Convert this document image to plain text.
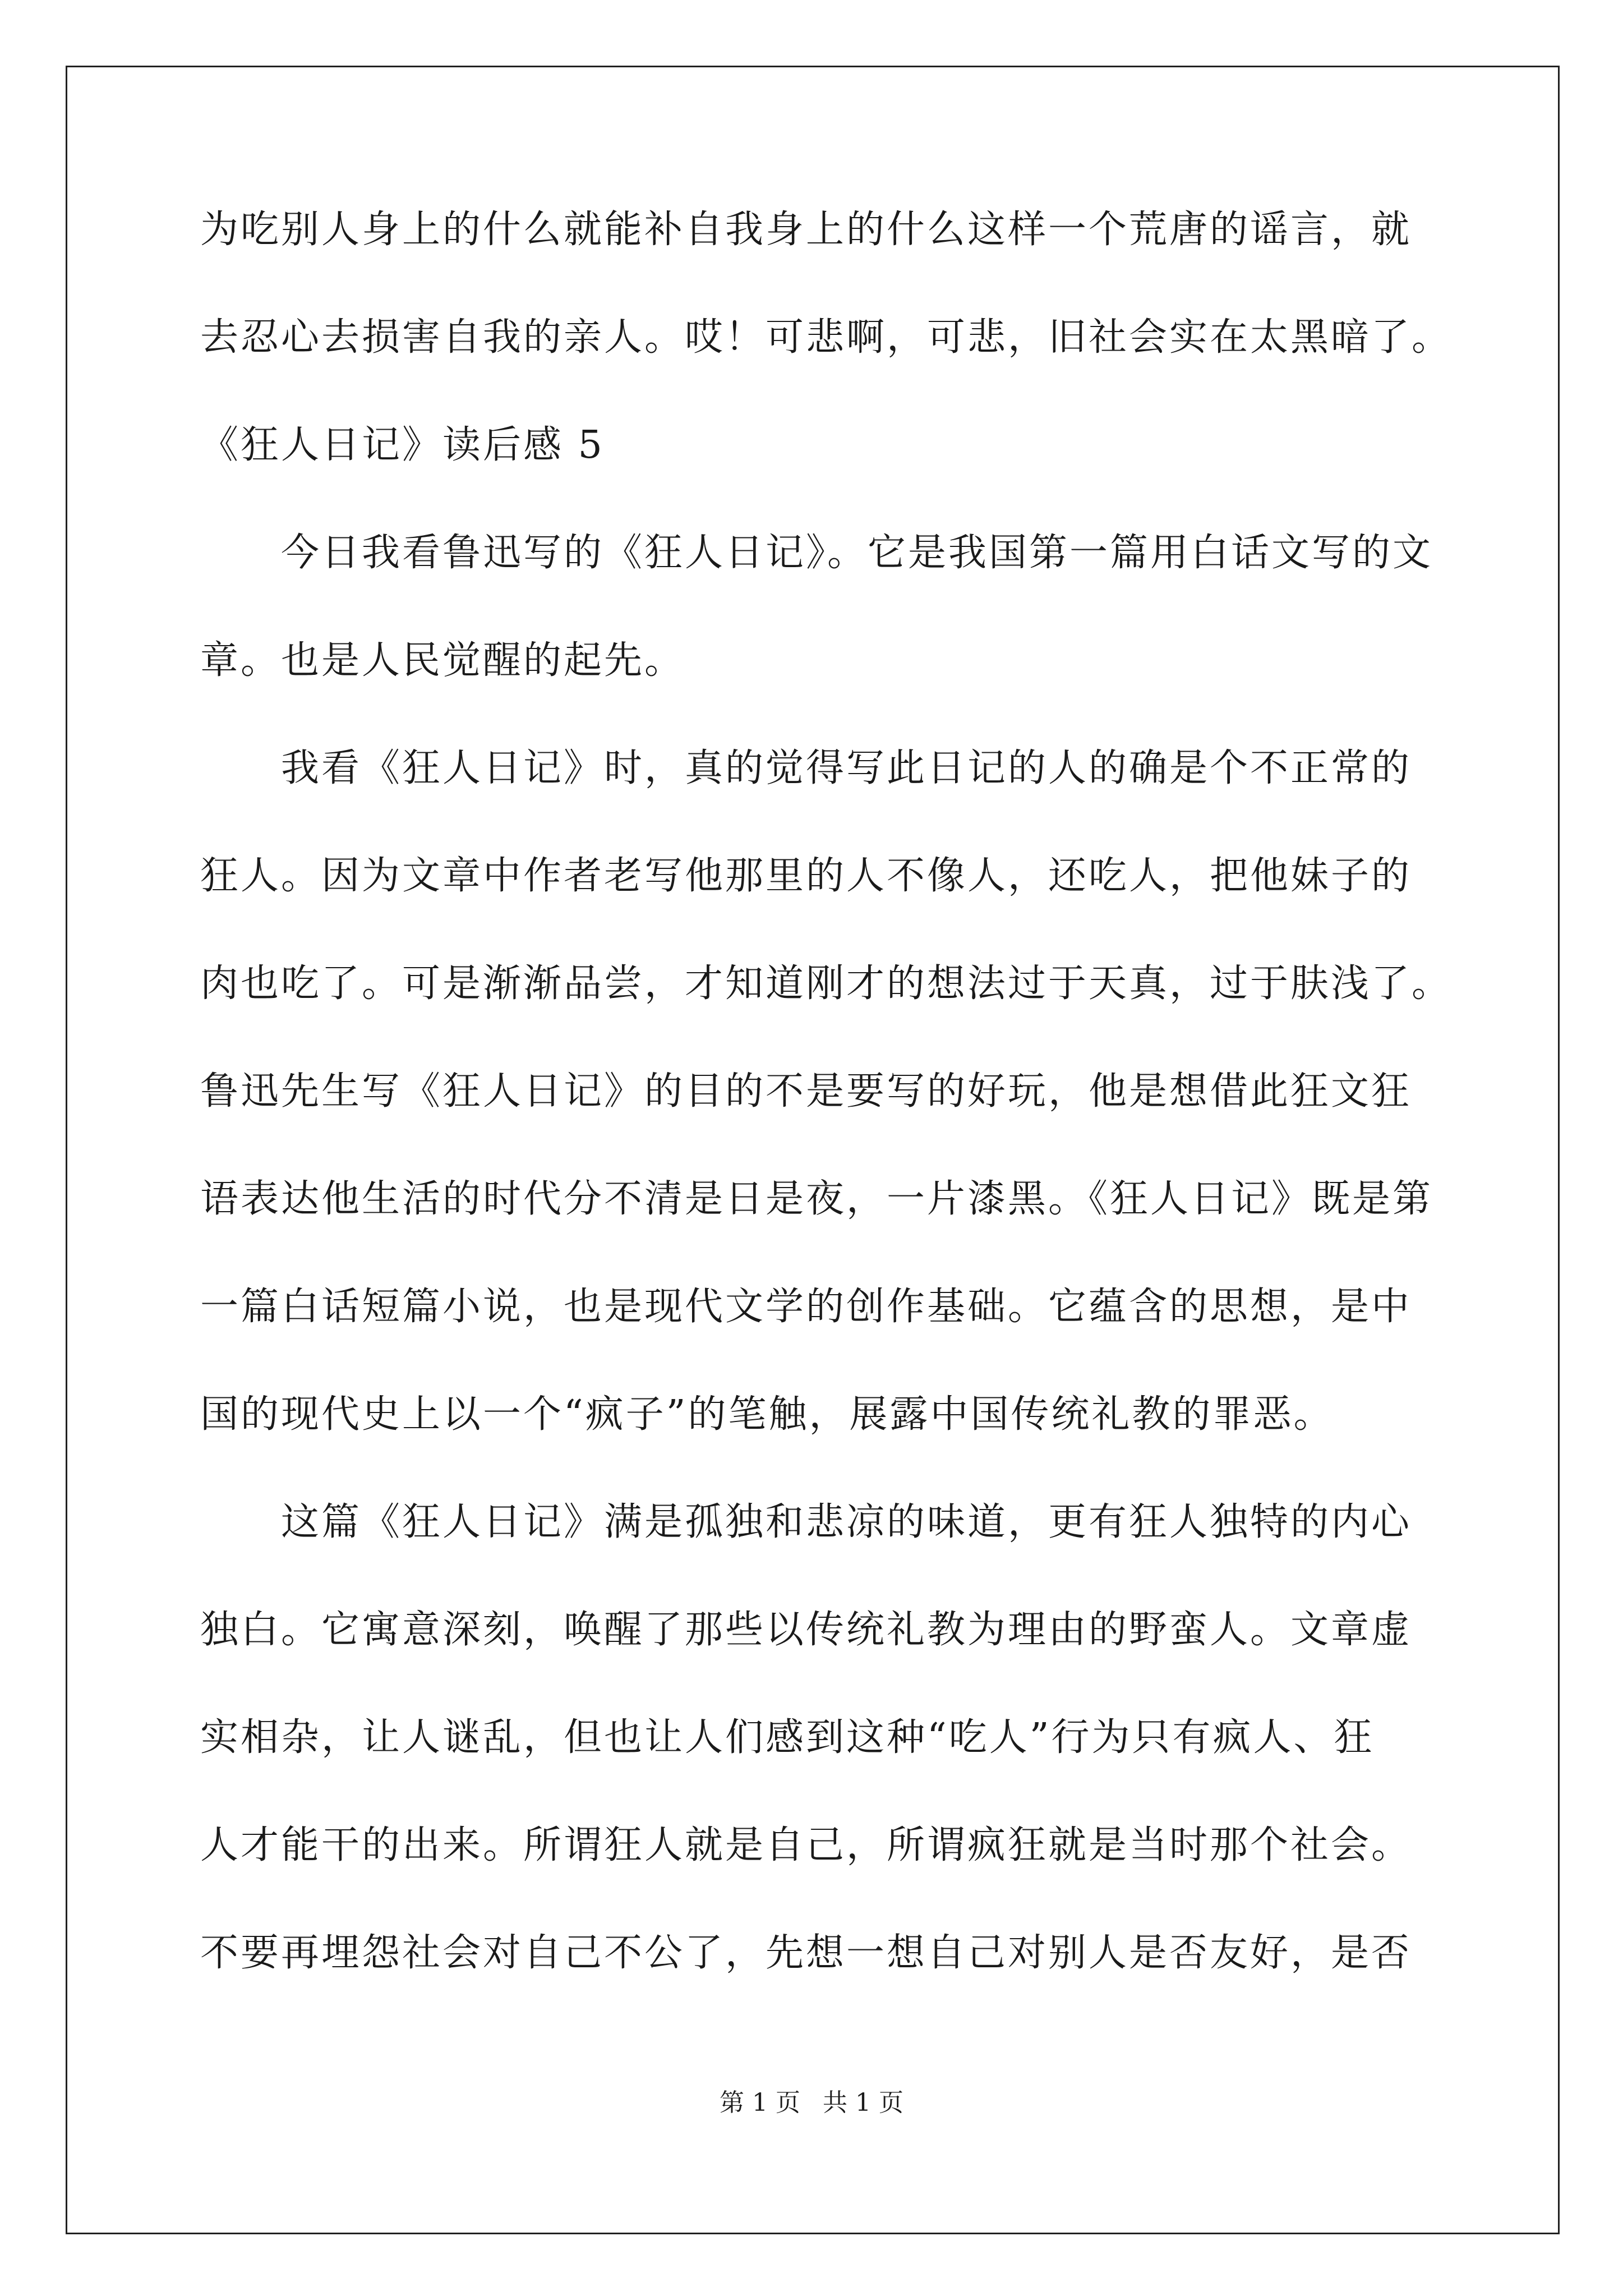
为吃别人身上的什么就能补自我身上的什么这样一个荒唐的谣言，就
去忍心去损害自我的亲人。哎！可悲啊，可悲，旧社会实在太黑暗了。
《狂人日记》读后感 5
　　今日我看鲁迅写的《狂人日记》。它是我国第一篇用白话文写的文
章。也是人民觉醒的起先。
　　我看《狂人日记》时，真的觉得写此日记的人的确是个不正常的
狂人。因为文章中作者老写他那里的人不像人，还吃人，把他妹子的
肉也吃了。可是渐渐品尝，才知道刚才的想法过于天真，过于肤浅了。
鲁迅先生写《狂人日记》的目的不是要写的好玩，他是想借此狂文狂
语表达他生活的时代分不清是日是夜，一片漆黑。《狂人日记》既是第
一篇白话短篇小说，也是现代文学的创作基础。它蕴含的思想，是中
国的现代史上以一个“疯子”的笔触，展露中国传统礼教的罪恶。
　　这篇《狂人日记》满是孤独和悲凉的味道，更有狂人独特的内心
独白。它寓意深刻，唤醒了那些以传统礼教为理由的野蛮人。文章虚
实相杂，让人谜乱，但也让人们感到这种“吃人”行为只有疯人、狂
人才能干的出来。所谓狂人就是自己，所谓疯狂就是当时那个社会。
不要再埋怨社会对自己不公了，先想一想自己对别人是否友好，是否
第 1 页 共 1 页
